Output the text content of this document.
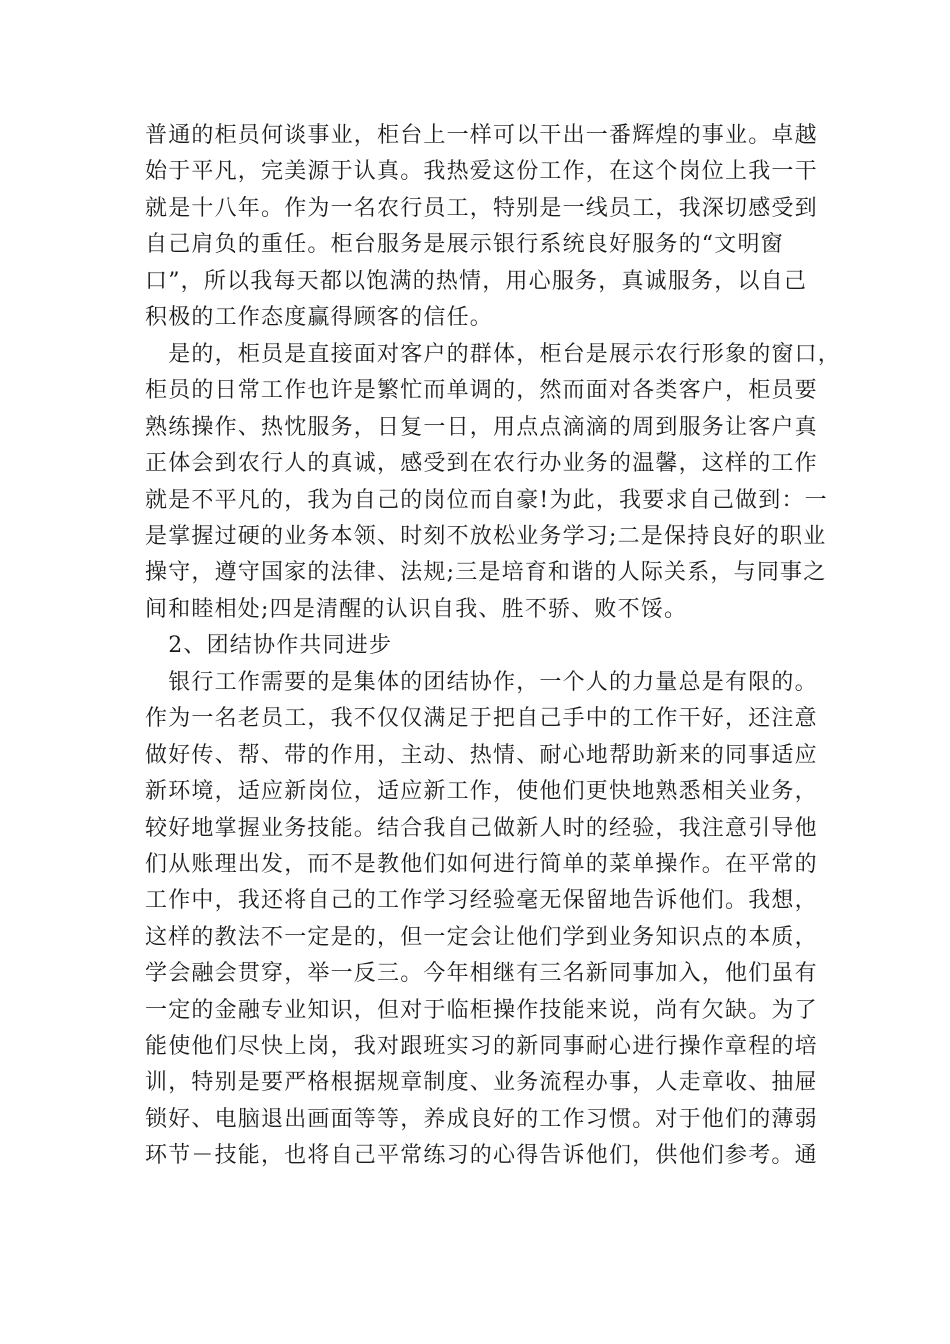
普通的柜员何谈事业，柜台上一样可以干出一番辉煌的事业。卓越
始于平凡，完美源于认真。我热爱这份工作，在这个岗位上我一干
就是十八年。作为一名农行员工，特别是一线员工，我深切感受到
自己肩负的重任。柜台服务是展示银行系统良好服务的“文明窗
口”，所以我每天都以饱满的热情，用心服务，真诚服务，以自己
积极的工作态度赢得顾客的信任。
　是的，柜员是直接面对客户的群体，柜台是展示农行形象的窗口，
柜员的日常工作也许是繁忙而单调的，然而面对各类客户，柜员要
熟练操作、热忱服务，日复一日，用点点滴滴的周到服务让客户真
正体会到农行人的真诚，感受到在农行办业务的温馨，这样的工作
就是不平凡的，我为自己的岗位而自豪!为此，我要求自己做到：一
是掌握过硬的业务本领、时刻不放松业务学习;二是保持良好的职业
操守，遵守国家的法律、法规;三是培育和谐的人际关系，与同事之
间和睦相处;四是清醒的认识自我、胜不骄、败不馁。
　2、团结协作共同进步
　银行工作需要的是集体的团结协作，一个人的力量总是有限的。
作为一名老员工，我不仅仅满足于把自己手中的工作干好，还注意
做好传、帮、带的作用，主动、热情、耐心地帮助新来的同事适应
新环境，适应新岗位，适应新工作，使他们更快地熟悉相关业务，
较好地掌握业务技能。结合我自己做新人时的经验，我注意引导他
们从账理出发，而不是教他们如何进行简单的菜单操作。在平常的
工作中，我还将自己的工作学习经验毫无保留地告诉他们。我想，
这样的教法不一定是的，但一定会让他们学到业务知识点的本质，
学会融会贯穿，举一反三。今年相继有三名新同事加入，他们虽有
一定的金融专业知识，但对于临柜操作技能来说，尚有欠缺。为了
能使他们尽快上岗，我对跟班实习的新同事耐心进行操作章程的培
训，特别是要严格根据规章制度、业务流程办事，人走章收、抽屉
锁好、电脑退出画面等等，养成良好的工作习惯。对于他们的薄弱
环节－技能，也将自己平常练习的心得告诉他们，供他们参考。通
